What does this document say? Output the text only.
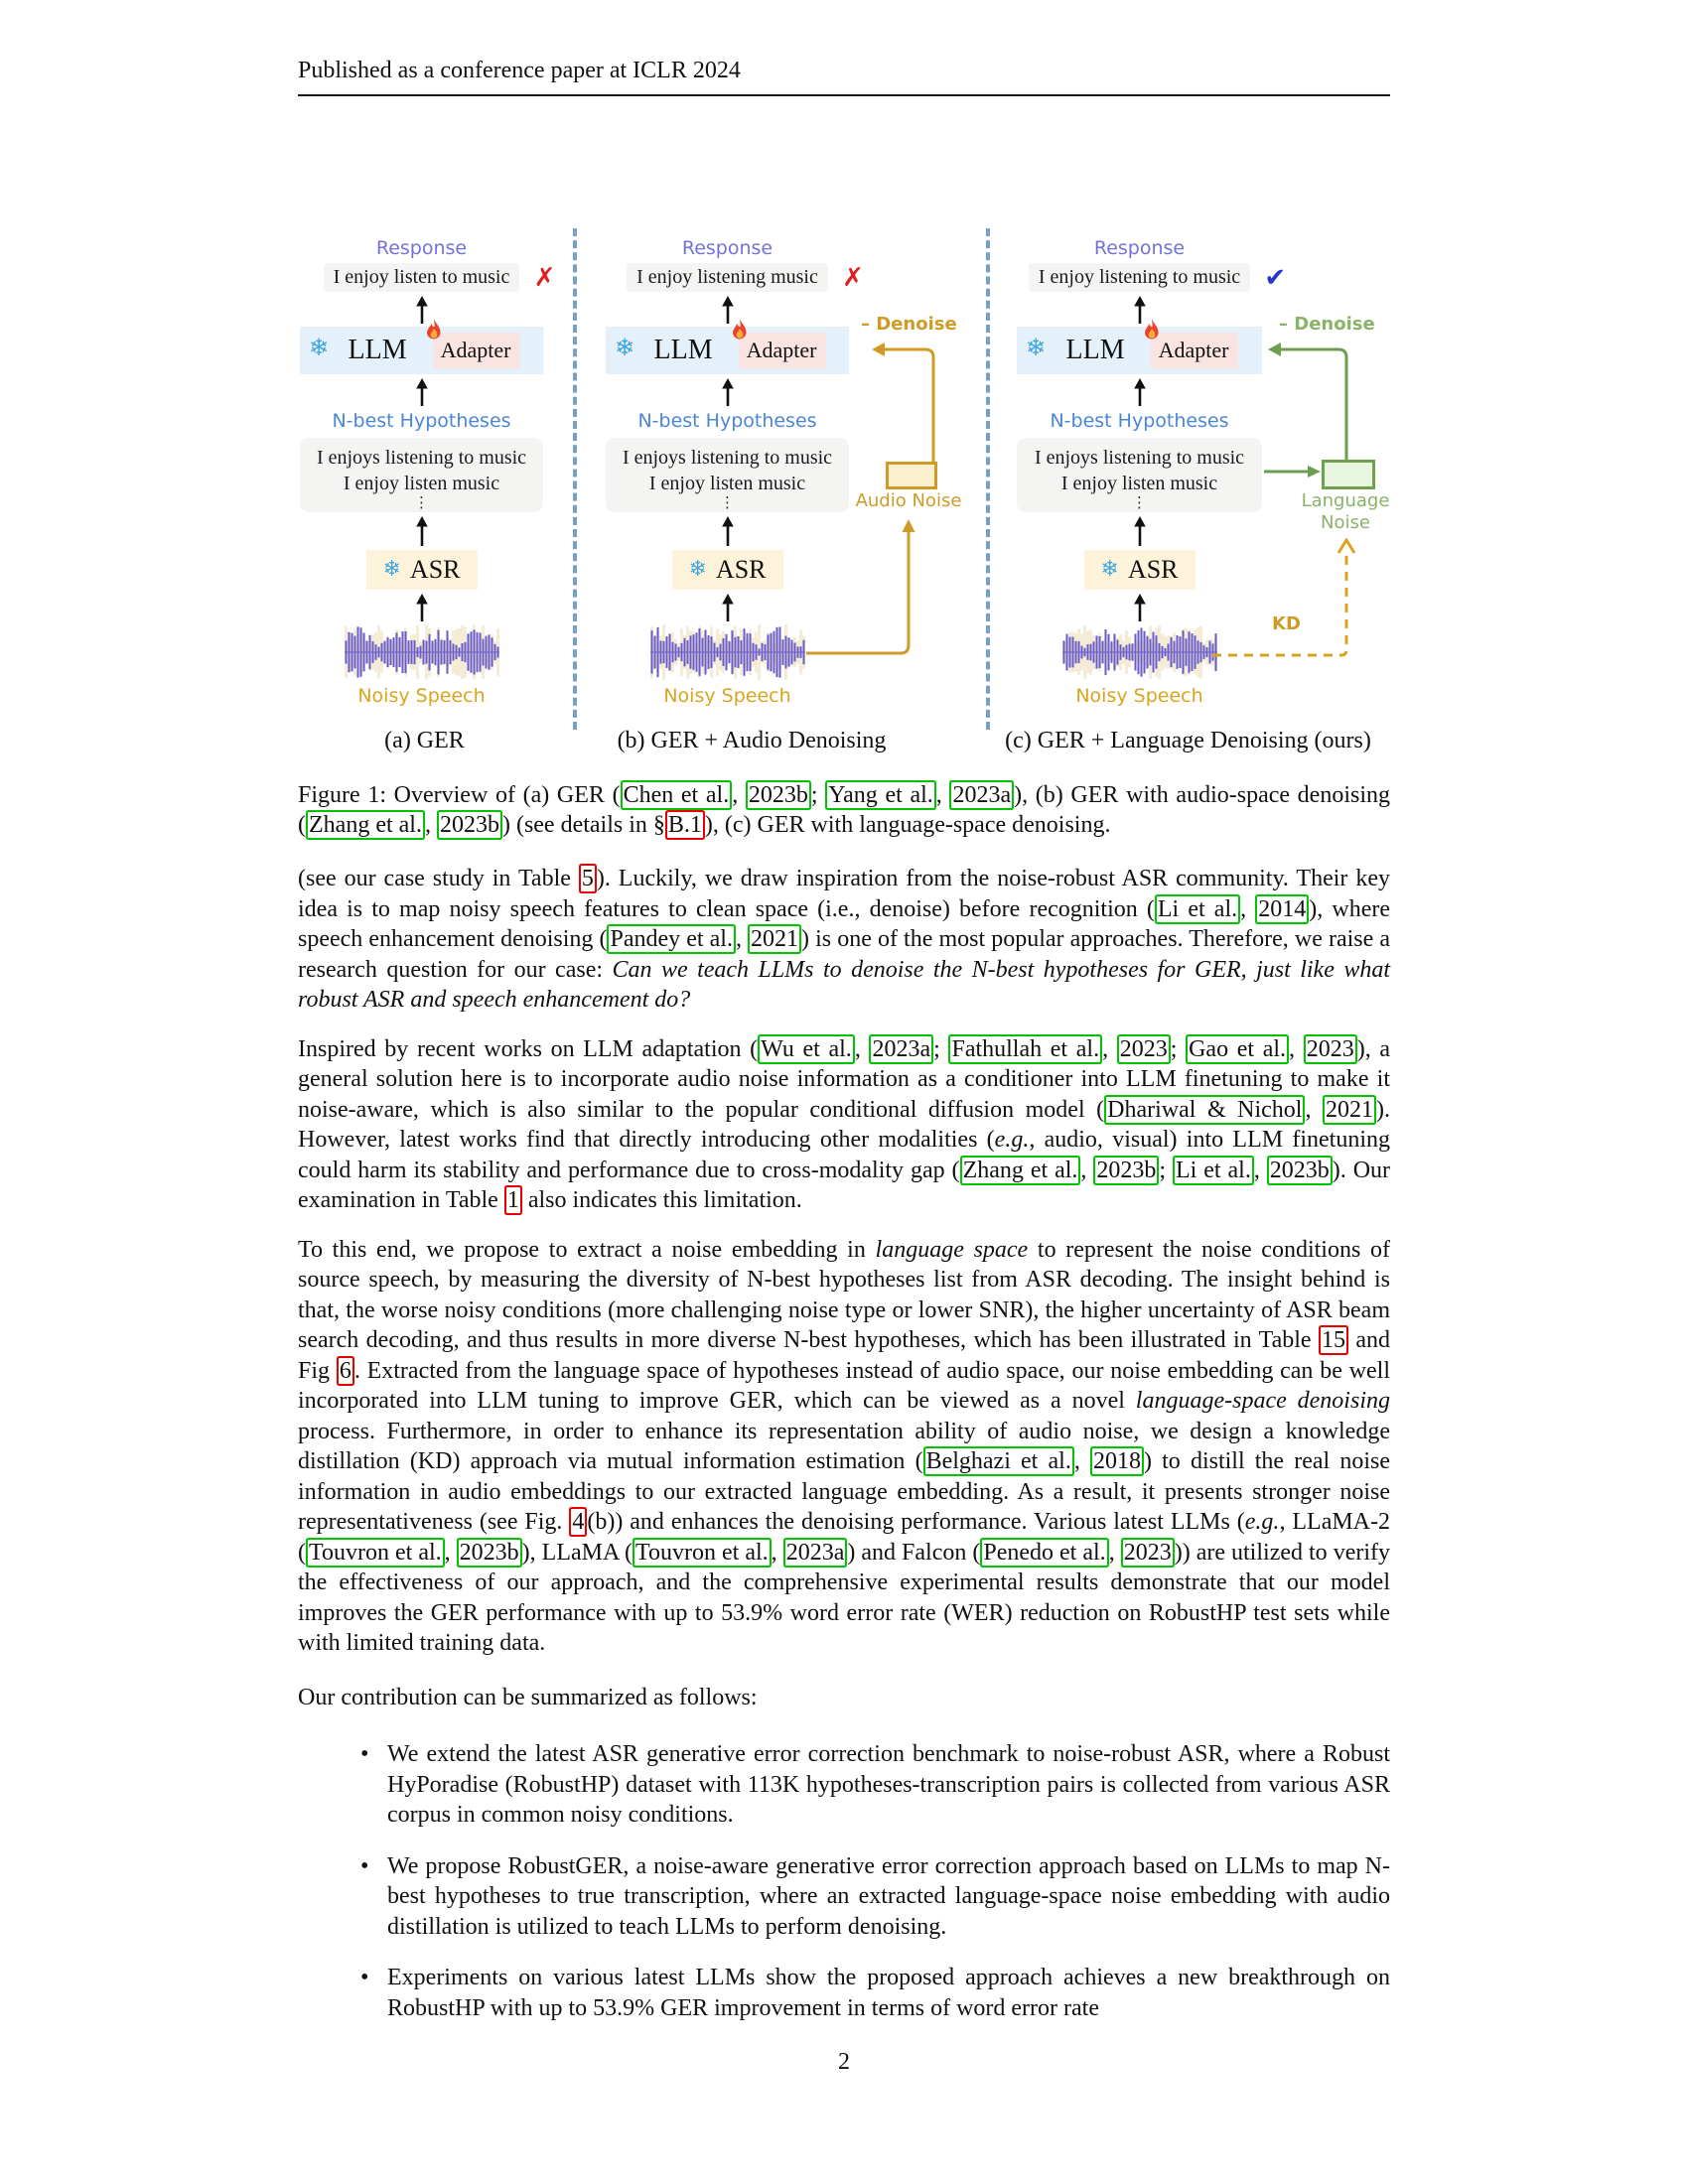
Published as a conference paper at ICLR 2024
Response
I enjoy listen to music ✗
❄ LLM	Adapter
N-best Hypotheses
I enjoys listening to music
I enjoy listen music
⋮
❄ ASR
Noisy Speech
(a) GER
Response
I enjoy listening music ✗
❄ LLM	Adapter
N-best Hypotheses
I enjoys listening to music
I enjoy listen music
⋮
❄ ASR
Noisy Speech
– Denoise
Audio Noise
(b) GER + Audio Denoising
Response
I enjoy listening to music ✔
❄ LLM	Adapter
N-best Hypotheses
I enjoys listening to music
I enjoy listen music
⋮
❄ ASR
Noisy Speech
– Denoise
Language
Noise
KD
(c) GER + Language Denoising (ours)
Figure 1: Overview of (a) GER ( Chen et al. , 2023b ; Yang et al. , 2023a ), (b) GER with audio-space denoising ( Zhang et al. , 2023b ) (see details in § B.1 ), (c) GER with language-space denoising.

(see our case study in Table 5 ). Luckily, we draw inspiration from the noise-robust ASR community. Their key idea is to map noisy speech features to clean space (i.e., denoise) before recognition ( Li et al. , 2014 ), where speech enhancement denoising ( Pandey et al. , 2021 ) is one of the most popular approaches. Therefore, we raise a research question for our case: Can we teach LLMs to denoise the N-best hypotheses for GER, just like what robust ASR and speech enhancement do?

Inspired by recent works on LLM adaptation ( Wu et al. , 2023a ; Fathullah et al. , 2023 ; Gao et al. , 2023 ), a general solution here is to incorporate audio noise information as a conditioner into LLM finetuning to make it noise-aware, which is also similar to the popular conditional diffusion model ( Dhariwal & Nichol , 2021 ). However, latest works find that directly introducing other modalities (e.g., audio, visual) into LLM finetuning could harm its stability and performance due to cross-modality gap ( Zhang et al. , 2023b ; Li et al. , 2023b ). Our examination in Table 1 also indicates this limitation.

To this end, we propose to extract a noise embedding in language space to represent the noise conditions of source speech, by measuring the diversity of N-best hypotheses list from ASR decoding. The insight behind is that, the worse noisy conditions (more challenging noise type or lower SNR), the higher uncertainty of ASR beam search decoding, and thus results in more diverse N-best hypotheses, which has been illustrated in Table 15 and Fig 6 . Extracted from the language space of hypotheses instead of audio space, our noise embedding can be well incorporated into LLM tuning to improve GER, which can be viewed as a novel language-space denoising process. Furthermore, in order to enhance its representation ability of audio noise, we design a knowledge distillation (KD) approach via mutual information estimation ( Belghazi et al. , 2018 ) to distill the real noise information in audio embeddings to our extracted language embedding. As a result, it presents stronger noise representativeness (see Fig. 4 (b)) and enhances the denoising performance. Various latest LLMs (e.g., LLaMA-2 ( Touvron et al. , 2023b ), LLaMA ( Touvron et al. , 2023a ) and Falcon ( Penedo et al. , 2023 )) are utilized to verify the effectiveness of our approach, and the comprehensive experimental results demonstrate that our model improves the GER performance with up to 53.9% word error rate (WER) reduction on RobustHP test sets while with limited training data.

Our contribution can be summarized as follows:

• We extend the latest ASR generative error correction benchmark to noise-robust ASR, where a Robust HyPoradise (RobustHP) dataset with 113K hypotheses-transcription pairs is collected from various ASR corpus in common noisy conditions.
• We propose RobustGER, a noise-aware generative error correction approach based on LLMs to map N-best hypotheses to true transcription, where an extracted language-space noise embedding with audio distillation is utilized to teach LLMs to perform denoising.
• Experiments on various latest LLMs show the proposed approach achieves a new breakthrough on RobustHP with up to 53.9% GER improvement in terms of word error rate
2
